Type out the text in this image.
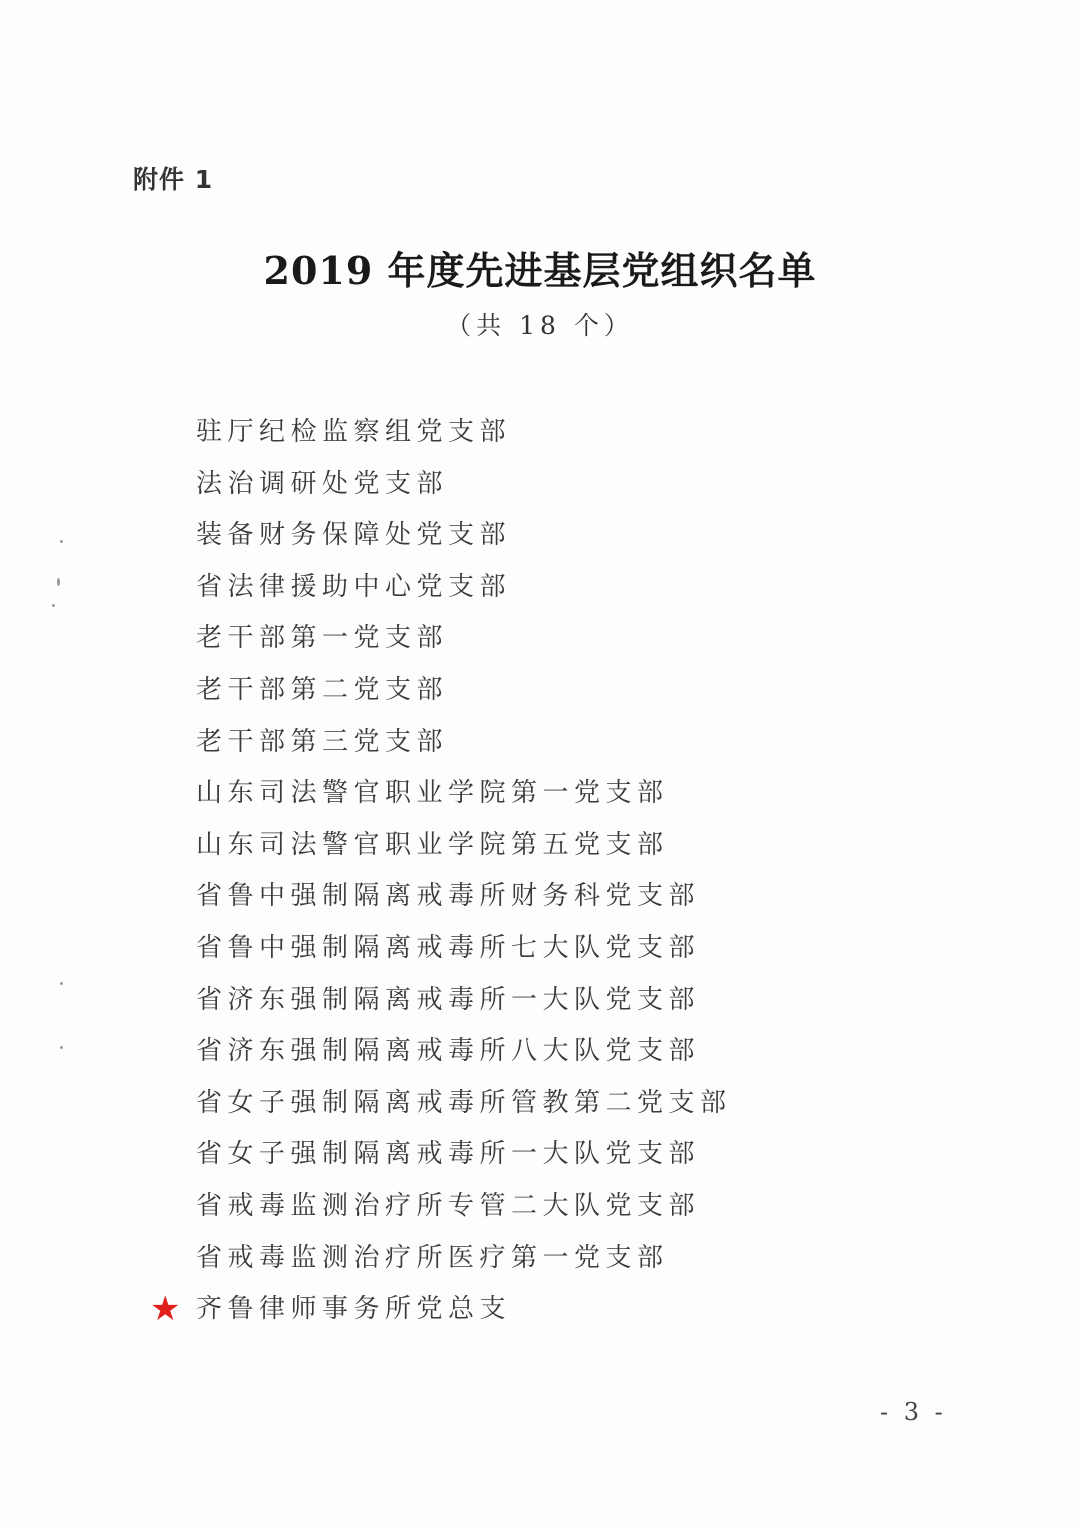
附件 1
2019 年度先进基层党组织名单
（共 18 个）
驻厅纪检监察组党支部
法治调研处党支部
装备财务保障处党支部
省法律援助中心党支部
老干部第一党支部
老干部第二党支部
老干部第三党支部
山东司法警官职业学院第一党支部
山东司法警官职业学院第五党支部
省鲁中强制隔离戒毒所财务科党支部
省鲁中强制隔离戒毒所七大队党支部
省济东强制隔离戒毒所一大队党支部
省济东强制隔离戒毒所八大队党支部
省女子强制隔离戒毒所管教第二党支部
省女子强制隔离戒毒所一大队党支部
省戒毒监测治疗所专管二大队党支部
省戒毒监测治疗所医疗第一党支部
★ 齐鲁律师事务所党总支
- 3 -
